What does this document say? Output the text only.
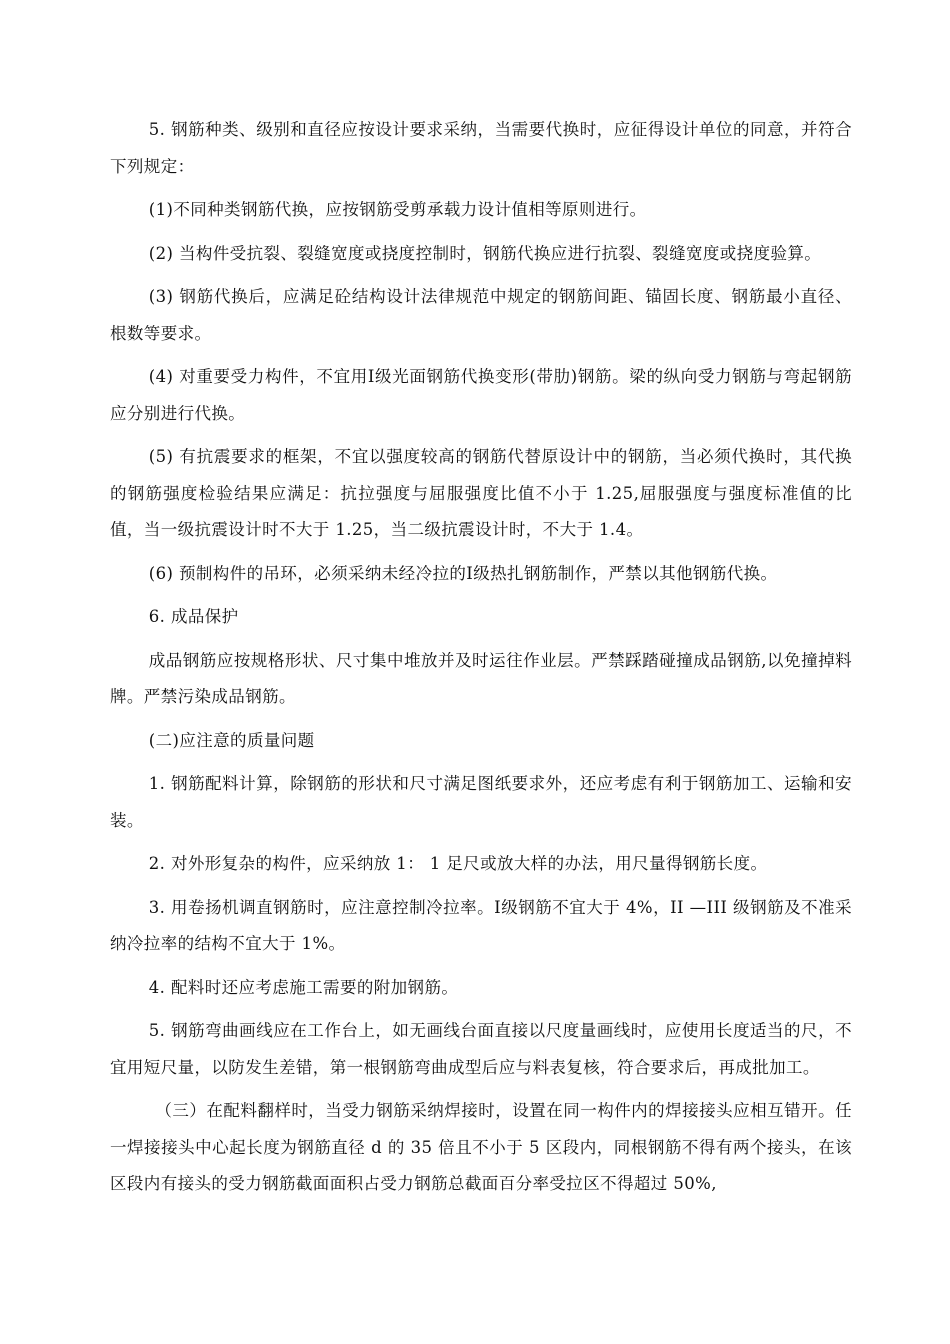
5. 钢筋种类、级别和直径应按设计要求采纳，当需要代换时，应征得设计单位的同意，并符合下列规定：

(1)不同种类钢筋代换，应按钢筋受剪承载力设计值相等原则进行。

(2) 当构件受抗裂、裂缝宽度或挠度控制时，钢筋代换应进行抗裂、裂缝宽度或挠度验算。

(3) 钢筋代换后，应满足砼结构设计法律规范中规定的钢筋间距、锚固长度、钢筋最小直径、根数等要求。

(4) 对重要受力构件，不宜用Ⅰ级光面钢筋代换变形(带肋)钢筋。梁的纵向受力钢筋与弯起钢筋应分别进行代换。

(5) 有抗震要求的框架，不宜以强度较高的钢筋代替原设计中的钢筋，当必须代换时，其代换的钢筋强度检验结果应满足：抗拉强度与屈服强度比值不小于 1.25,屈服强度与强度标准值的比值，当一级抗震设计时不大于 1.25，当二级抗震设计时，不大于 1.4。

(6) 预制构件的吊环，必须采纳未经冷拉的Ⅰ级热扎钢筋制作，严禁以其他钢筋代换。

6. 成品保护

成品钢筋应按规格形状、尺寸集中堆放并及时运往作业层。严禁踩踏碰撞成品钢筋,以免撞掉料牌。严禁污染成品钢筋。

(二)应注意的质量问题

1. 钢筋配料计算，除钢筋的形状和尺寸满足图纸要求外，还应考虑有利于钢筋加工、运输和安装。

2. 对外形复杂的构件，应采纳放 1： 1 足尺或放大样的办法，用尺量得钢筋长度。

3. 用卷扬机调直钢筋时，应注意控制冷拉率。Ⅰ级钢筋不宜大于 4%，II —III 级钢筋及不准采纳冷拉率的结构不宜大于 1%。

4. 配料时还应考虑施工需要的附加钢筋。

5. 钢筋弯曲画线应在工作台上，如无画线台面直接以尺度量画线时，应使用长度适当的尺，不宜用短尺量，以防发生差错，第一根钢筋弯曲成型后应与料表复核，符合要求后，再成批加工。

（三）在配料翻样时，当受力钢筋采纳焊接时，设置在同一构件内的焊接接头应相互错开。任一焊接接头中心起长度为钢筋直径 d 的 35 倍且不小于 5 区段内，同根钢筋不得有两个接头，在该区段内有接头的受力钢筋截面面积占受力钢筋总截面百分率受拉区不得超过 50%,
